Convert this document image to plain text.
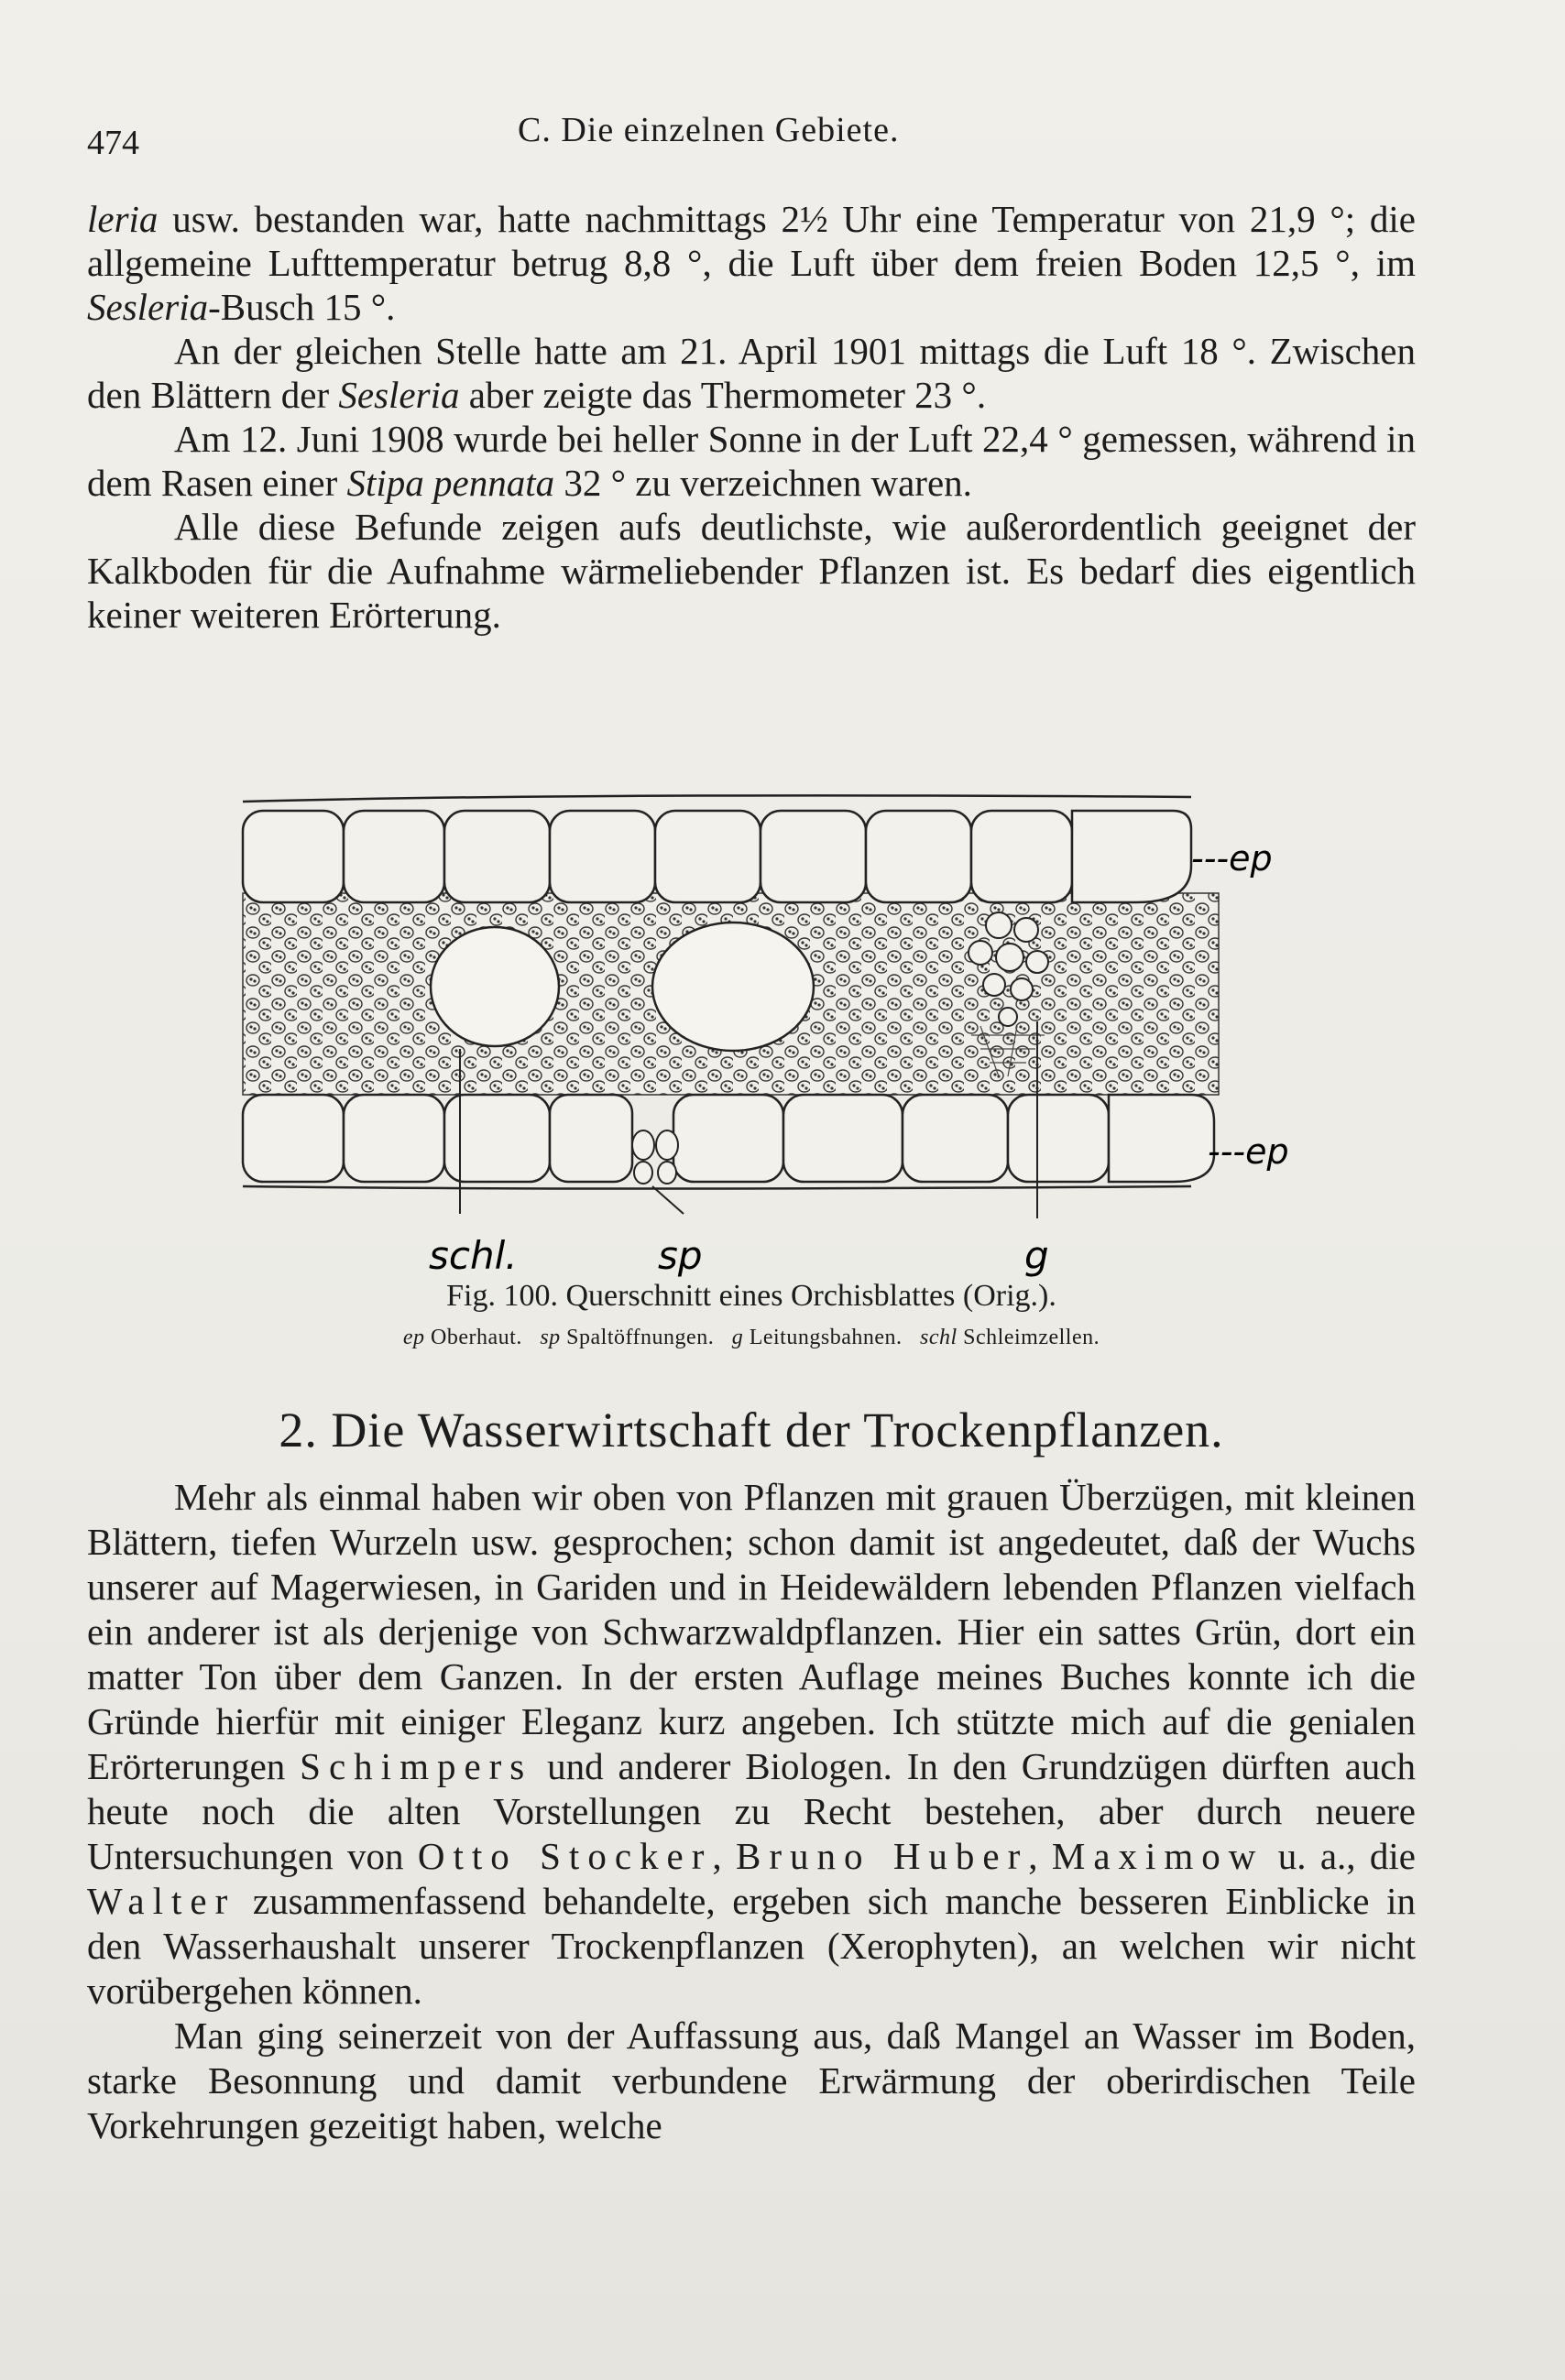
474	C. Die einzelnen Gebiete.

leria usw. bestanden war, hatte nachmittags 2½ Uhr eine Temperatur von 21,9 °; die allgemeine Lufttemperatur betrug 8,8 °, die Luft über dem freien Boden 12,5 °, im Sesleria-Busch 15 °.

An der gleichen Stelle hatte am 21. April 1901 mittags die Luft 18 °. Zwischen den Blättern der Sesleria aber zeigte das Thermometer 23 °.

Am 12. Juni 1908 wurde bei heller Sonne in der Luft 22,4 ° gemessen, während in dem Rasen einer Stipa pennata 32 ° zu verzeichnen waren.

Alle diese Befunde zeigen aufs deutlichste, wie außerordentlich geeignet der Kalkboden für die Aufnahme wärmeliebender Pflanzen ist. Es bedarf dies eigentlich keiner weiteren Erörterung.

---ep
---ep
schl.	sp	g
Fig. 100. Querschnitt eines Orchisblattes (Orig.).
ep Oberhaut. sp Spaltöffnungen. g Leitungsbahnen. schl Schleimzellen.
2. Die Wasserwirtschaft der Trockenpflanzen.

Mehr als einmal haben wir oben von Pflanzen mit grauen Überzügen, mit kleinen Blättern, tiefen Wurzeln usw. gesprochen; schon damit ist angedeutet, daß der Wuchs unserer auf Magerwiesen, in Gariden und in Heidewäldern lebenden Pflanzen vielfach ein anderer ist als derjenige von Schwarzwaldpflanzen. Hier ein sattes Grün, dort ein matter Ton über dem Ganzen. In der ersten Auflage meines Buches konnte ich die Gründe hierfür mit einiger Eleganz kurz angeben. Ich stützte mich auf die genialen Erörterungen Schimpers und anderer Biologen. In den Grundzügen dürften auch heute noch die alten Vorstellungen zu Recht bestehen, aber durch neuere Untersuchungen von Otto Stocker, Bruno Huber, Maximow u. a., die Walter zusammenfassend behandelte, ergeben sich manche besseren Einblicke in den Wasserhaushalt unserer Trockenpflanzen (Xerophyten), an welchen wir nicht vorübergehen können.

Man ging seinerzeit von der Auffassung aus, daß Mangel an Wasser im Boden, starke Besonnung und damit verbundene Erwärmung der oberirdischen Teile Vorkehrungen gezeitigt haben, welche
